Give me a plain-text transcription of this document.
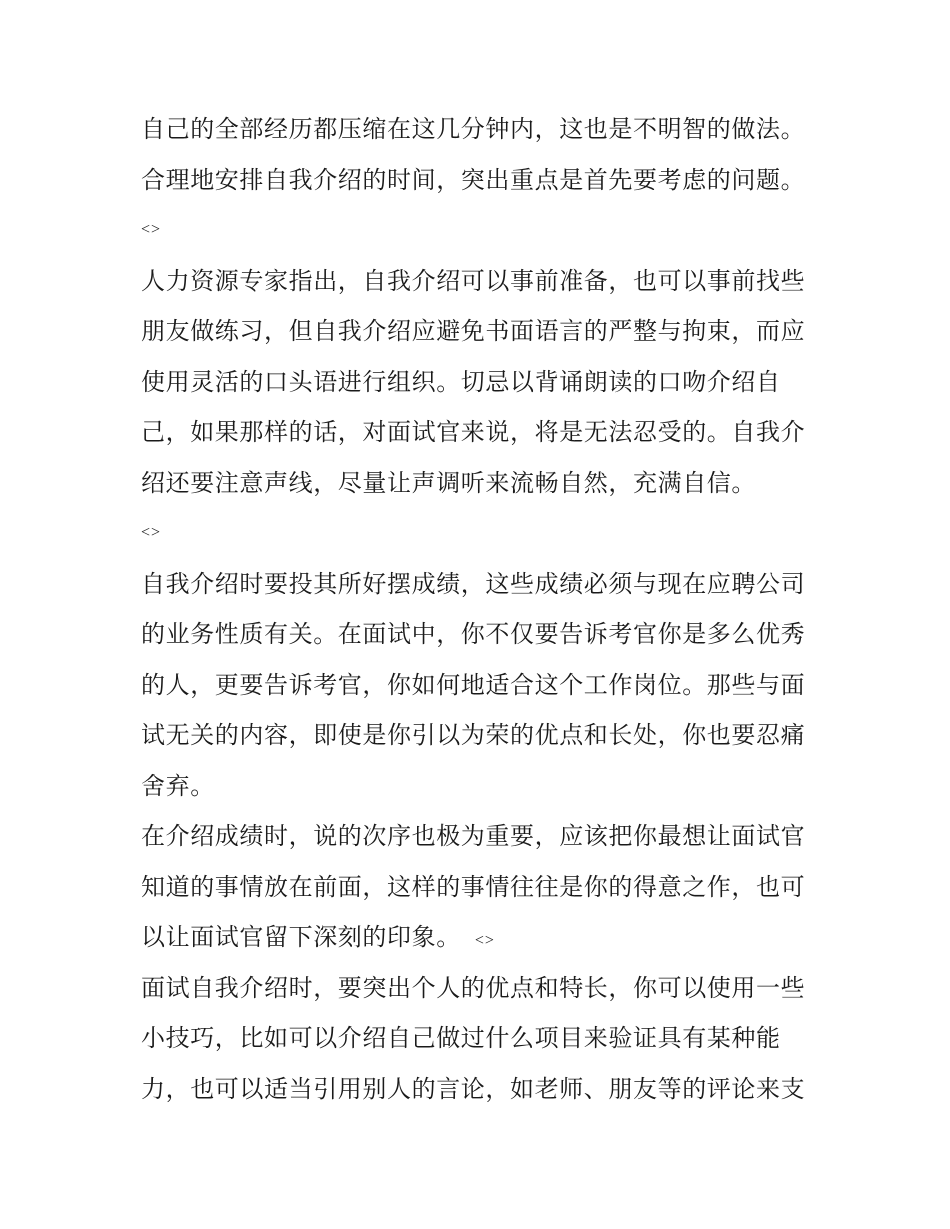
自己的全部经历都压缩在这几分钟内，这也是不明智的做法。
合理地安排自我介绍的时间，突出重点是首先要考虑的问题。
<>
人力资源专家指出，自我介绍可以事前准备，也可以事前找些
朋友做练习，但自我介绍应避免书面语言的严整与拘束，而应
使用灵活的口头语进行组织。切忌以背诵朗读的口吻介绍自
己，如果那样的话，对面试官来说，将是无法忍受的。自我介
绍还要注意声线，尽量让声调听来流畅自然，充满自信。
<>
自我介绍时要投其所好摆成绩，这些成绩必须与现在应聘公司
的业务性质有关。在面试中，你不仅要告诉考官你是多么优秀
的人，更要告诉考官，你如何地适合这个工作岗位。那些与面
试无关的内容，即使是你引以为荣的优点和长处，你也要忍痛
舍弃。
在介绍成绩时，说的次序也极为重要，应该把你最想让面试官
知道的事情放在前面，这样的事情往往是你的得意之作，也可
以让面试官留下深刻的印象。 <>
面试自我介绍时，要突出个人的优点和特长，你可以使用一些
小技巧，比如可以介绍自己做过什么项目来验证具有某种能
力，也可以适当引用别人的言论，如老师、朋友等的评论来支
